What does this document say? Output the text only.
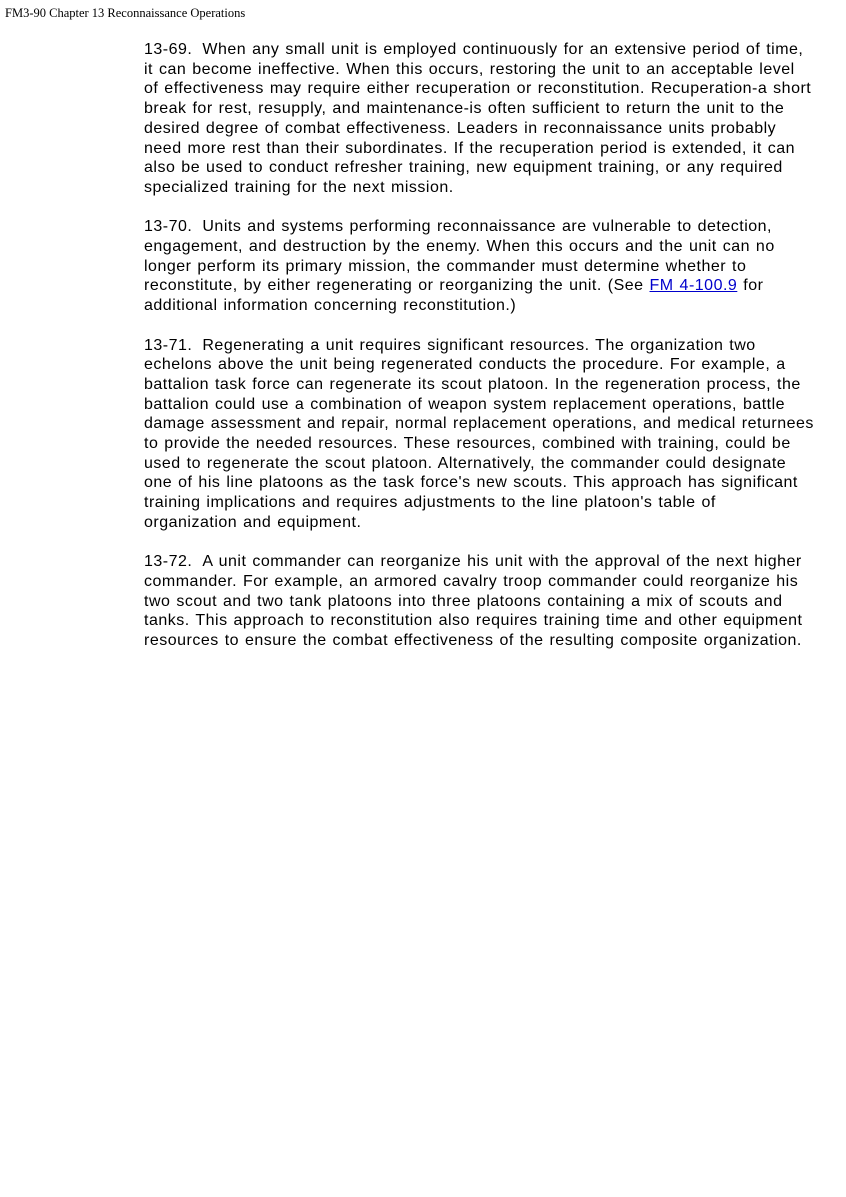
FM3-90 Chapter 13 Reconnaissance Operations

13-69. When any small unit is employed continuously for an extensive period of time, it can become ineffective. When this occurs, restoring the unit to an acceptable level of effectiveness may require either recuperation or reconstitution. Recuperation-a short break for rest, resupply, and maintenance-is often sufficient to return the unit to the desired degree of combat effectiveness. Leaders in reconnaissance units probably need more rest than their subordinates. If the recuperation period is extended, it can also be used to conduct refresher training, new equipment training, or any required specialized training for the next mission.

13-70. Units and systems performing reconnaissance are vulnerable to detection, engagement, and destruction by the enemy. When this occurs and the unit can no longer perform its primary mission, the commander must determine whether to reconstitute, by either regenerating or reorganizing the unit. (See FM 4-100.9 for additional information concerning reconstitution.)

13-71. Regenerating a unit requires significant resources. The organization two echelons above the unit being regenerated conducts the procedure. For example, a battalion task force can regenerate its scout platoon. In the regeneration process, the battalion could use a combination of weapon system replacement operations, battle damage assessment and repair, normal replacement operations, and medical returnees to provide the needed resources. These resources, combined with training, could be used to regenerate the scout platoon. Alternatively, the commander could designate one of his line platoons as the task force's new scouts. This approach has significant training implications and requires adjustments to the line platoon's table of organization and equipment.

13-72. A unit commander can reorganize his unit with the approval of the next higher commander. For example, an armored cavalry troop commander could reorganize his two scout and two tank platoons into three platoons containing a mix of scouts and tanks. This approach to reconstitution also requires training time and other equipment resources to ensure the combat effectiveness of the resulting composite organization.
